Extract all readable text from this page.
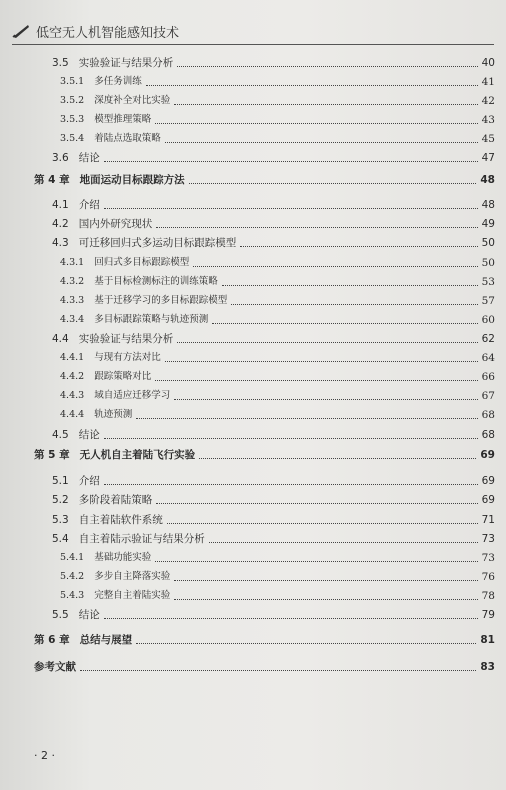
低空无人机智能感知技术
3.5 实验验证与结果分析	40
3.5.1 多任务训练	41
3.5.2 深度补全对比实验	42
3.5.3 模型推理策略	43
3.5.4 着陆点选取策略	45
3.6 结论	47
第 4 章 地面运动目标跟踪方法	48
4.1 介绍	48
4.2 国内外研究现状	49
4.3 可迁移回归式多运动目标跟踪模型	50
4.3.1 回归式多目标跟踪模型	50
4.3.2 基于目标检测标注的训练策略	53
4.3.3 基于迁移学习的多目标跟踪模型	57
4.3.4 多目标跟踪策略与轨迹预测	60
4.4 实验验证与结果分析	62
4.4.1 与现有方法对比	64
4.4.2 跟踪策略对比	66
4.4.3 域自适应迁移学习	67
4.4.4 轨迹预测	68
4.5 结论	68
第 5 章 无人机自主着陆飞行实验	69
5.1 介绍	69
5.2 多阶段着陆策略	69
5.3 自主着陆软件系统	71
5.4 自主着陆示验证与结果分析	73
5.4.1 基础功能实验	73
5.4.2 多步自主降落实验	76
5.4.3 完整自主着陆实验	78
5.5 结论	79
第 6 章 总结与展望	81
参考文献	83
· 2 ·
